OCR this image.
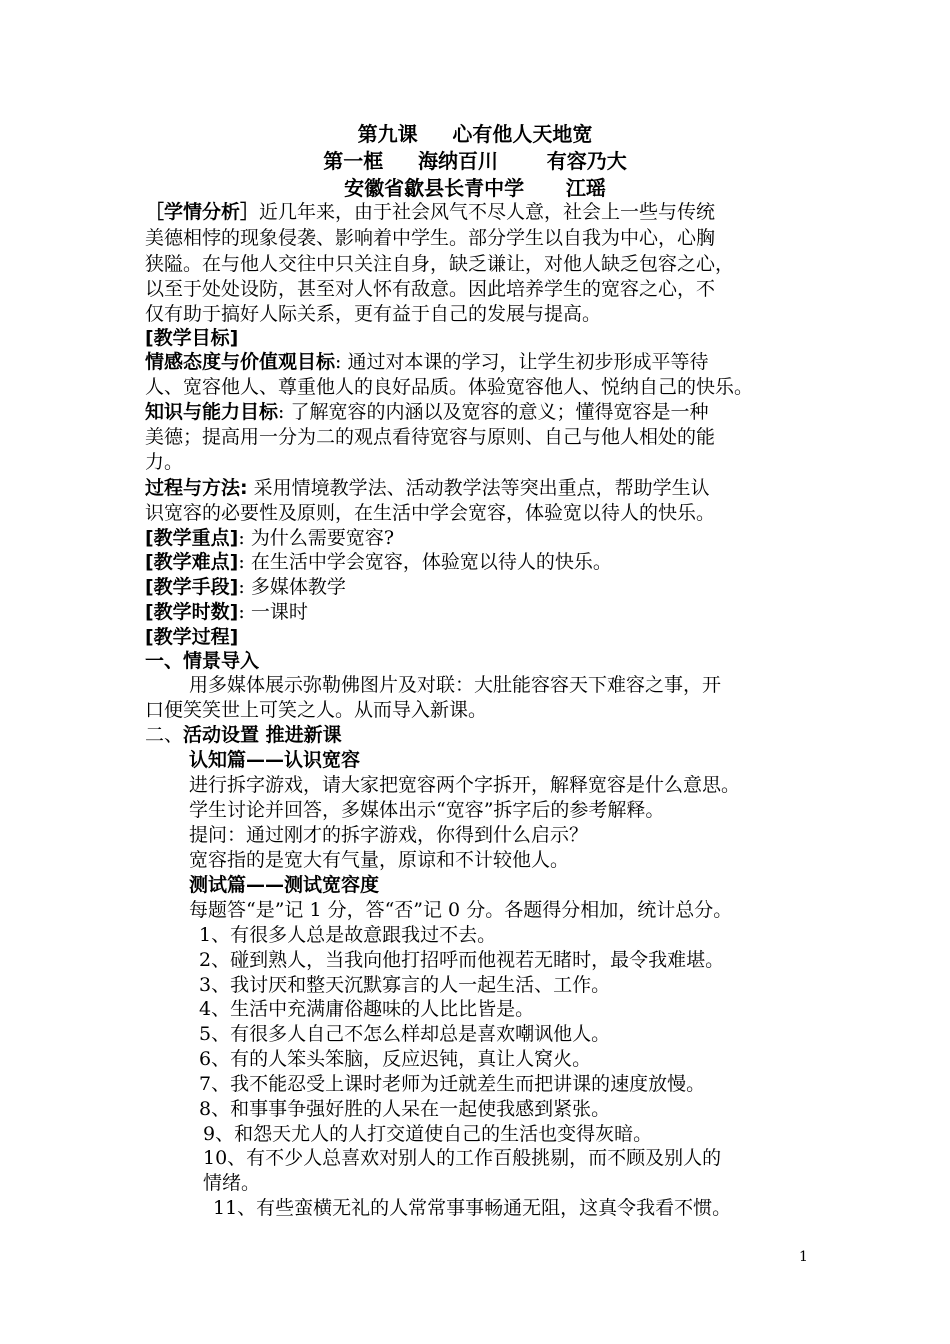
第九课     心有他人天地宽
第一框     海纳百川       有容乃大
安徽省歙县长青中学      江瑶
［学情分析］近几年来，由于社会风气不尽人意，社会上一些与传统
美德相悖的现象侵袭、影响着中学生。部分学生以自我为中心，心胸
狭隘。在与他人交往中只关注自身，缺乏谦让，对他人缺乏包容之心，
以至于处处设防，甚至对人怀有敌意。因此培养学生的宽容之心，不
仅有助于搞好人际关系，更有益于自己的发展与提高。
[教学目标]
情感态度与价值观目标: 通过对本课的学习，让学生初步形成平等待
人、宽容他人、尊重他人的良好品质。体验宽容他人、悦纳自己的快乐。
知识与能力目标: 了解宽容的内涵以及宽容的意义；懂得宽容是一种
美德；提高用一分为二的观点看待宽容与原则、自己与他人相处的能
力。
过程与方法: 采用情境教学法、活动教学法等突出重点，帮助学生认
识宽容的必要性及原则，在生活中学会宽容，体验宽以待人的快乐。
[教学重点]: 为什么需要宽容?
[教学难点]: 在生活中学会宽容，体验宽以待人的快乐。
[教学手段]: 多媒体教学
[教学时数]: 一课时
[教学过程]
一、情景导入
用多媒体展示弥勒佛图片及对联：大肚能容容天下难容之事，开
口便笑笑世上可笑之人。从而导入新课。
二、活动设置 推进新课
认知篇——认识宽容
进行拆字游戏，请大家把宽容两个字拆开，解释宽容是什么意思。
学生讨论并回答，多媒体出示“宽容”拆字后的参考解释。
提问：通过刚才的拆字游戏，你得到什么启示？
宽容指的是宽大有气量，原谅和不计较他人。
测试篇——测试宽容度
每题答“是”记 1 分，答“否”记 0 分。各题得分相加，统计总分。
1、有很多人总是故意跟我过不去。
2、碰到熟人，当我向他打招呼而他视若无睹时，最令我难堪。
3、我讨厌和整天沉默寡言的人一起生活、工作。
4、生活中充满庸俗趣味的人比比皆是。
5、有很多人自己不怎么样却总是喜欢嘲讽他人。
6、有的人笨头笨脑，反应迟钝，真让人窝火。
7、我不能忍受上课时老师为迁就差生而把讲课的速度放慢。
8、和事事争强好胜的人呆在一起使我感到紧张。
9、和怨天尤人的人打交道使自己的生活也变得灰暗。
10、有不少人总喜欢对别人的工作百般挑剔，而不顾及别人的
情绪。
11、有些蛮横无礼的人常常事事畅通无阻，这真令我看不惯。
1
